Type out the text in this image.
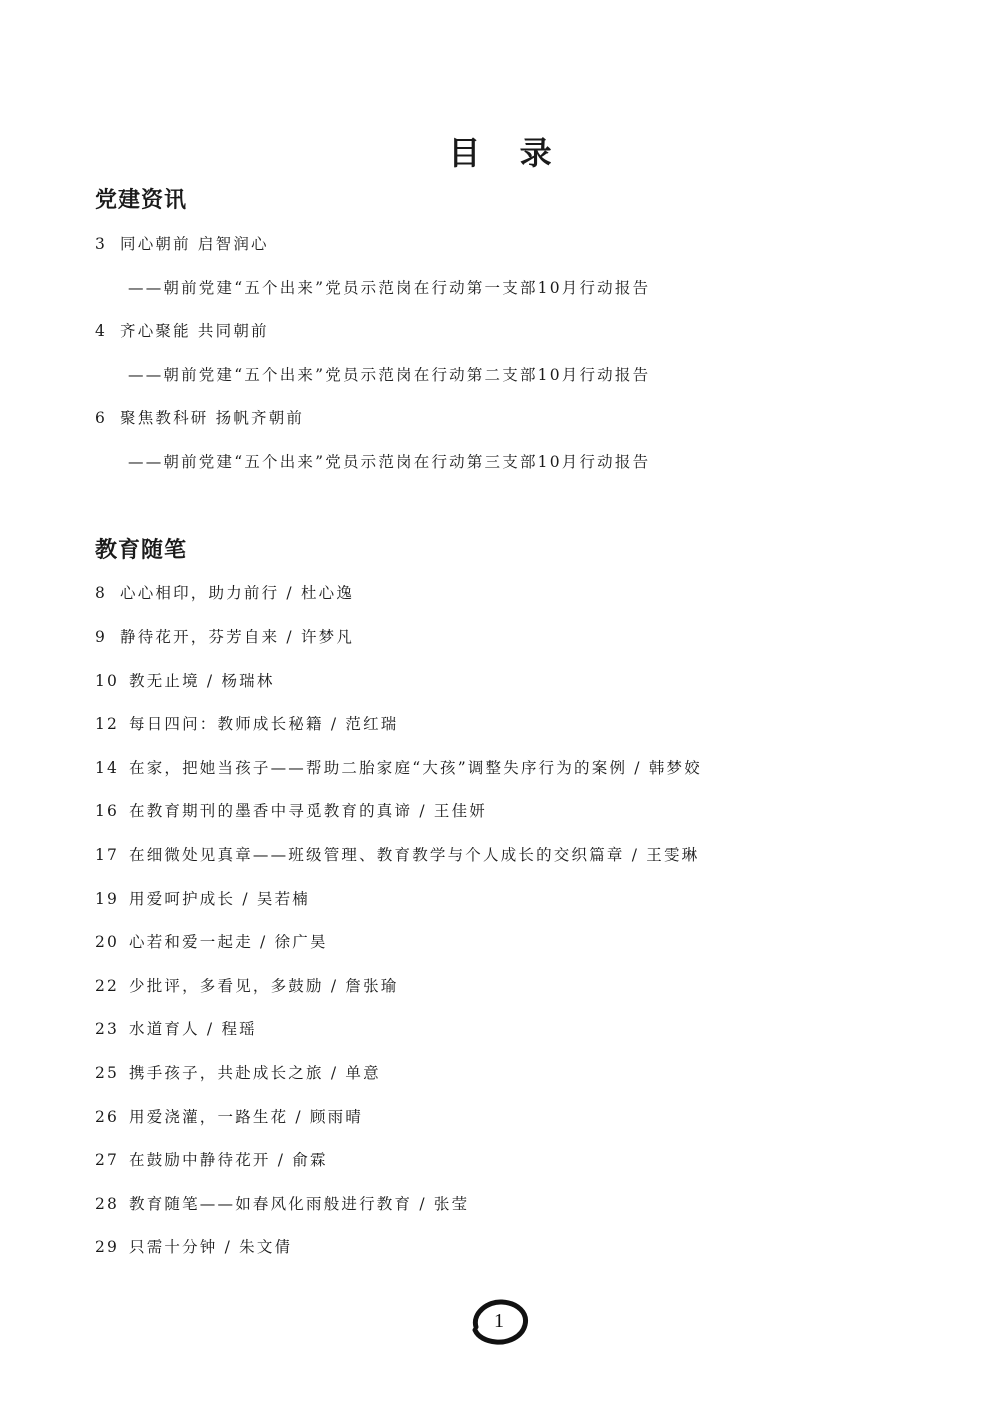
目 录
党建资讯
3 同心朝前 启智润心
——朝前党建“五个出来”党员示范岗在行动第一支部10月行动报告
4 齐心聚能 共同朝前
——朝前党建“五个出来”党员示范岗在行动第二支部10月行动报告
6 聚焦教科研 扬帆齐朝前
——朝前党建“五个出来”党员示范岗在行动第三支部10月行动报告
教育随笔
8 心心相印，助力前行 / 杜心逸
9 静待花开，芬芳自来 / 许梦凡
10 教无止境 / 杨瑞林
12 每日四问：教师成长秘籍 / 范红瑞
14 在家，把她当孩子——帮助二胎家庭“大孩”调整失序行为的案例 / 韩梦姣
16 在教育期刊的墨香中寻觅教育的真谛 / 王佳妍
17 在细微处见真章——班级管理、教育教学与个人成长的交织篇章 / 王雯琳
19 用爱呵护成长 / 吴若楠
20 心若和爱一起走 / 徐广昊
22 少批评，多看见，多鼓励 / 詹张瑜
23 水道育人 / 程瑶
25 携手孩子，共赴成长之旅 / 单意
26 用爱浇灌，一路生花 / 顾雨晴
27 在鼓励中静待花开 / 俞霖
28 教育随笔——如春风化雨般进行教育 / 张莹
29 只需十分钟 / 朱文倩
1
